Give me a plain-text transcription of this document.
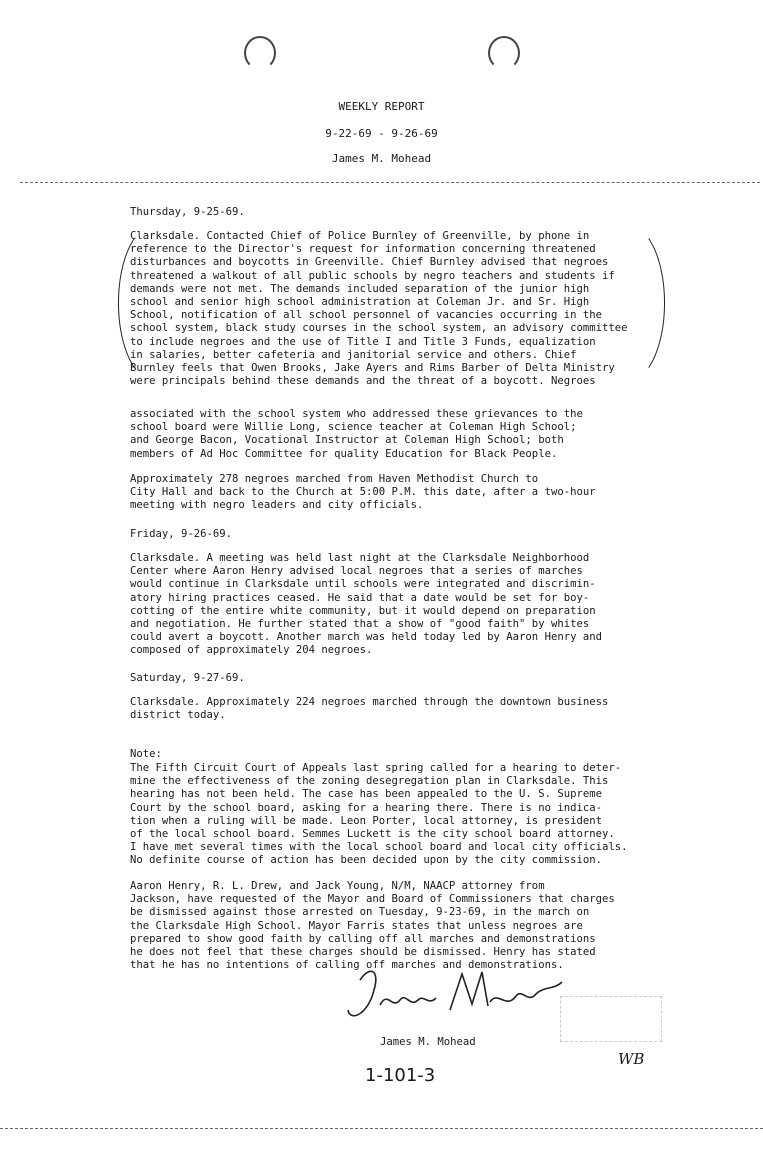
WEEKLY REPORT
9-22-69 - 9-26-69
James M. Mohead
Thursday, 9-25-69.
Clarksdale. Contacted Chief of Police Burnley of Greenville, by phone in
reference to the Director's request for information concerning threatened
disturbances and boycotts in Greenville. Chief Burnley advised that negroes
threatened a walkout of all public schools by negro teachers and students if
demands were not met. The demands included separation of the junior high
school and senior high school administration at Coleman Jr. and Sr. High
School, notification of all school personnel of vacancies occurring in the
school system, black study courses in the school system, an advisory committee
to include negroes and the use of Title I and Title 3 Funds, equalization
in salaries, better cafeteria and janitorial service and others. Chief
Burnley feels that Owen Brooks, Jake Ayers and Rims Barber of Delta Ministry
were principals behind these demands and the threat of a boycott. Negroes
associated with the school system who addressed these grievances to the
school board were Willie Long, science teacher at Coleman High School;
and George Bacon, Vocational Instructor at Coleman High School; both
members of Ad Hoc Committee for quality Education for Black People.
Approximately 278 negroes marched from Haven Methodist Church to
City Hall and back to the Church at 5:00 P.M. this date, after a two-hour
meeting with negro leaders and city officials.
Friday, 9-26-69.
Clarksdale. A meeting was held last night at the Clarksdale Neighborhood
Center where Aaron Henry advised local negroes that a series of marches
would continue in Clarksdale until schools were integrated and discrimin-
atory hiring practices ceased. He said that a date would be set for boy-
cotting of the entire white community, but it would depend on preparation
and negotiation. He further stated that a show of "good faith" by whites
could avert a boycott. Another march was held today led by Aaron Henry and
composed of approximately 204 negroes.
Saturday, 9-27-69.
Clarksdale. Approximately 224 negroes marched through the downtown business
district today.
Note:
The Fifth Circuit Court of Appeals last spring called for a hearing to deter-
mine the effectiveness of the zoning desegregation plan in Clarksdale. This
hearing has not been held. The case has been appealed to the U. S. Supreme
Court by the school board, asking for a hearing there. There is no indica-
tion when a ruling will be made. Leon Porter, local attorney, is president
of the local school board. Semmes Luckett is the city school board attorney.
I have met several times with the local school board and local city officials.
No definite course of action has been decided upon by the city commission.
Aaron Henry, R. L. Drew, and Jack Young, N/M, NAACP attorney from
Jackson, have requested of the Mayor and Board of Commissioners that charges
be dismissed against those arrested on Tuesday, 9-23-69, in the march on
the Clarksdale High School. Mayor Farris states that unless negroes are
prepared to show good faith by calling off all marches and demonstrations
he does not feel that these charges should be dismissed. Henry has stated
that he has no intentions of calling off marches and demonstrations.
James M. Mohead
1-101-3
WB
